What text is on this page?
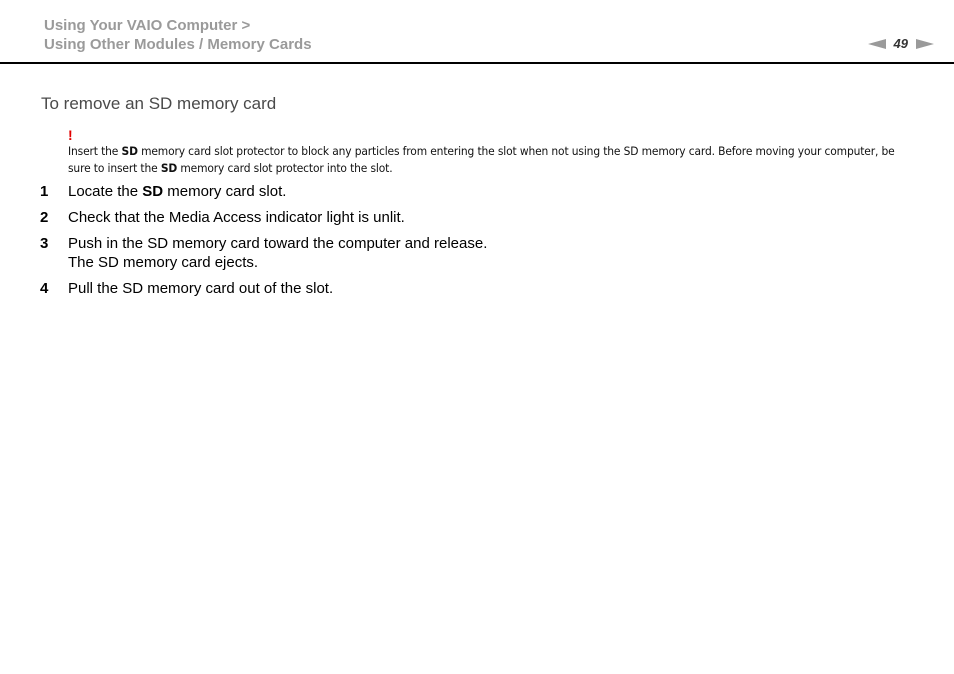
Using Your VAIO Computer >
Using Other Modules / Memory Cards	49
To remove an SD memory card
!
Insert the SD memory card slot protector to block any particles from entering the slot when not using the SD memory card. Before moving your computer, be sure to insert the SD memory card slot protector into the slot.
1	Locate the SD memory card slot.
2	Check that the Media Access indicator light is unlit.
3	Push in the SD memory card toward the computer and release.
The SD memory card ejects.
4	Pull the SD memory card out of the slot.
